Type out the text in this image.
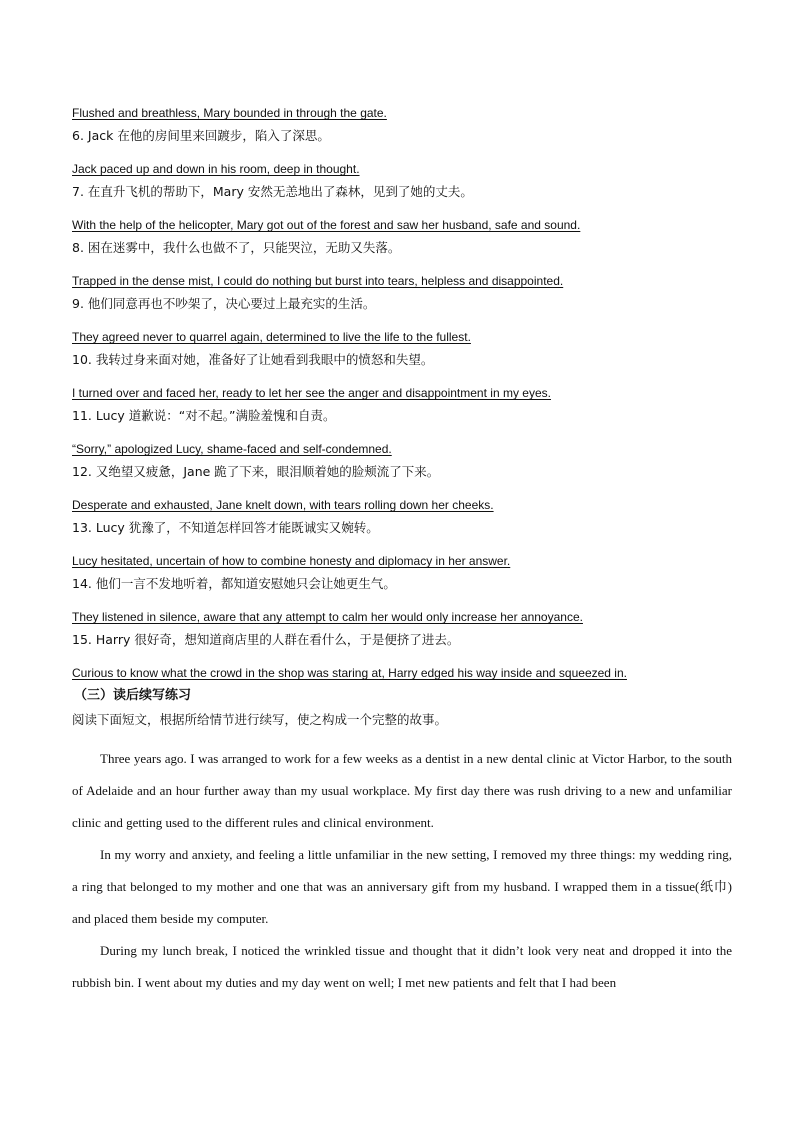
Flushed and breathless, Mary bounded in through the gate.

6. Jack 在他的房间里来回踱步，陷入了深思。

Jack paced up and down in his room, deep in thought.

7. 在直升飞机的帮助下，Mary 安然无恙地出了森林，见到了她的丈夫。

With the help of the helicopter, Mary got out of the forest and saw her husband, safe and sound.

8. 困在迷雾中，我什么也做不了，只能哭泣，无助又失落。

Trapped in the dense mist, I could do nothing but burst into tears, helpless and disappointed.

9. 他们同意再也不吵架了，决心要过上最充实的生活。

They agreed never to quarrel again, determined to live the life to the fullest.

10. 我转过身来面对她，准备好了让她看到我眼中的愤怒和失望。

I turned over and faced her, ready to let her see the anger and disappointment in my eyes.

11. Lucy 道歉说：“对不起。”满脸羞愧和自责。

“Sorry,” apologized Lucy, shame-faced and self-condemned.

12. 又绝望又疲惫，Jane 跪了下来，眼泪顺着她的脸颊流了下来。

Desperate and exhausted, Jane knelt down, with tears rolling down her cheeks.

13. Lucy 犹豫了，不知道怎样回答才能既诚实又婉转。

Lucy hesitated, uncertain of how to combine honesty and diplomacy in her answer.

14. 他们一言不发地听着，都知道安慰她只会让她更生气。

They listened in silence, aware that any attempt to calm her would only increase her annoyance.

15. Harry 很好奇，想知道商店里的人群在看什么，于是便挤了进去。

Curious to know what the crowd in the shop was staring at, Harry edged his way inside and squeezed in.

（三）读后续写练习

阅读下面短文，根据所给情节进行续写，使之构成一个完整的故事。

Three years ago. I was arranged to work for a few weeks as a dentist in a new dental clinic at Victor Harbor, to the south of Adelaide and an hour further away than my usual workplace. My first day there was rush driving to a new and unfamiliar clinic and getting used to the different rules and clinical environment.

In my worry and anxiety, and feeling a little unfamiliar in the new setting, I removed my three things: my wedding ring, a ring that belonged to my mother and one that was an anniversary gift from my husband. I wrapped them in a tissue(纸巾) and placed them beside my computer.

During my lunch break, I noticed the wrinkled tissue and thought that it didn’t look very neat and dropped it into the rubbish bin. I went about my duties and my day went on well; I met new patients and felt that I had been
